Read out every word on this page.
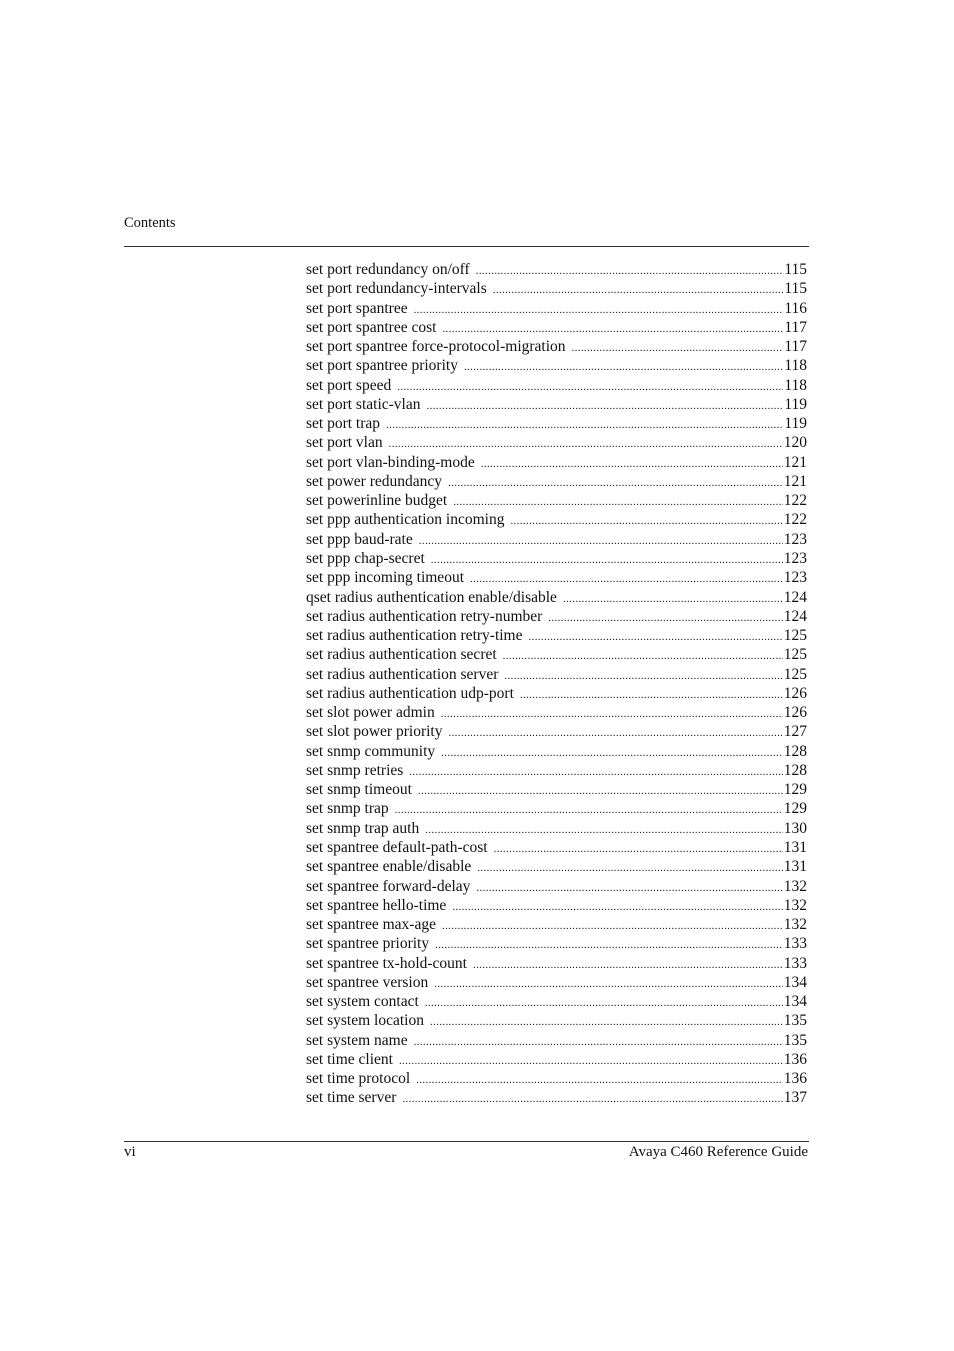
Contents
set port redundancy on/off . . .	115
set port redundancy-intervals . . .	115
set port spantree . . .	116
set port spantree cost . . .	117
set port spantree force-protocol-migration . . .	117
set port spantree priority . . .	118
set port speed . . .	118
set port static-vlan . . .	119
set port trap . . .	119
set port vlan . . .	120
set port vlan-binding-mode . . .	121
set power redundancy . . .	121
set powerinline budget . . .	122
set ppp authentication incoming . . .	122
set ppp baud-rate . . .	123
set ppp chap-secret . . .	123
set ppp incoming timeout . . .	123
qset radius authentication enable/disable . . .	124
set radius authentication retry-number . . .	124
set radius authentication retry-time . . .	125
set radius authentication secret . . .	125
set radius authentication server . . .	125
set radius authentication udp-port . . .	126
set slot power admin . . .	126
set slot power priority . . .	127
set snmp community . . .	128
set snmp retries . . .	128
set snmp timeout . . .	129
set snmp trap . . .	129
set snmp trap auth . . .	130
set spantree default-path-cost . . .	131
set spantree enable/disable . . .	131
set spantree forward-delay . . .	132
set spantree hello-time . . .	132
set spantree max-age . . .	132
set spantree priority . . .	133
set spantree tx-hold-count . . .	133
set spantree version . . .	134
set system contact . . .	134
set system location . . .	135
set system name . . .	135
set time client . . .	136
set time protocol . . .	136
set time server . . .	137
vi	Avaya C460 Reference Guide
